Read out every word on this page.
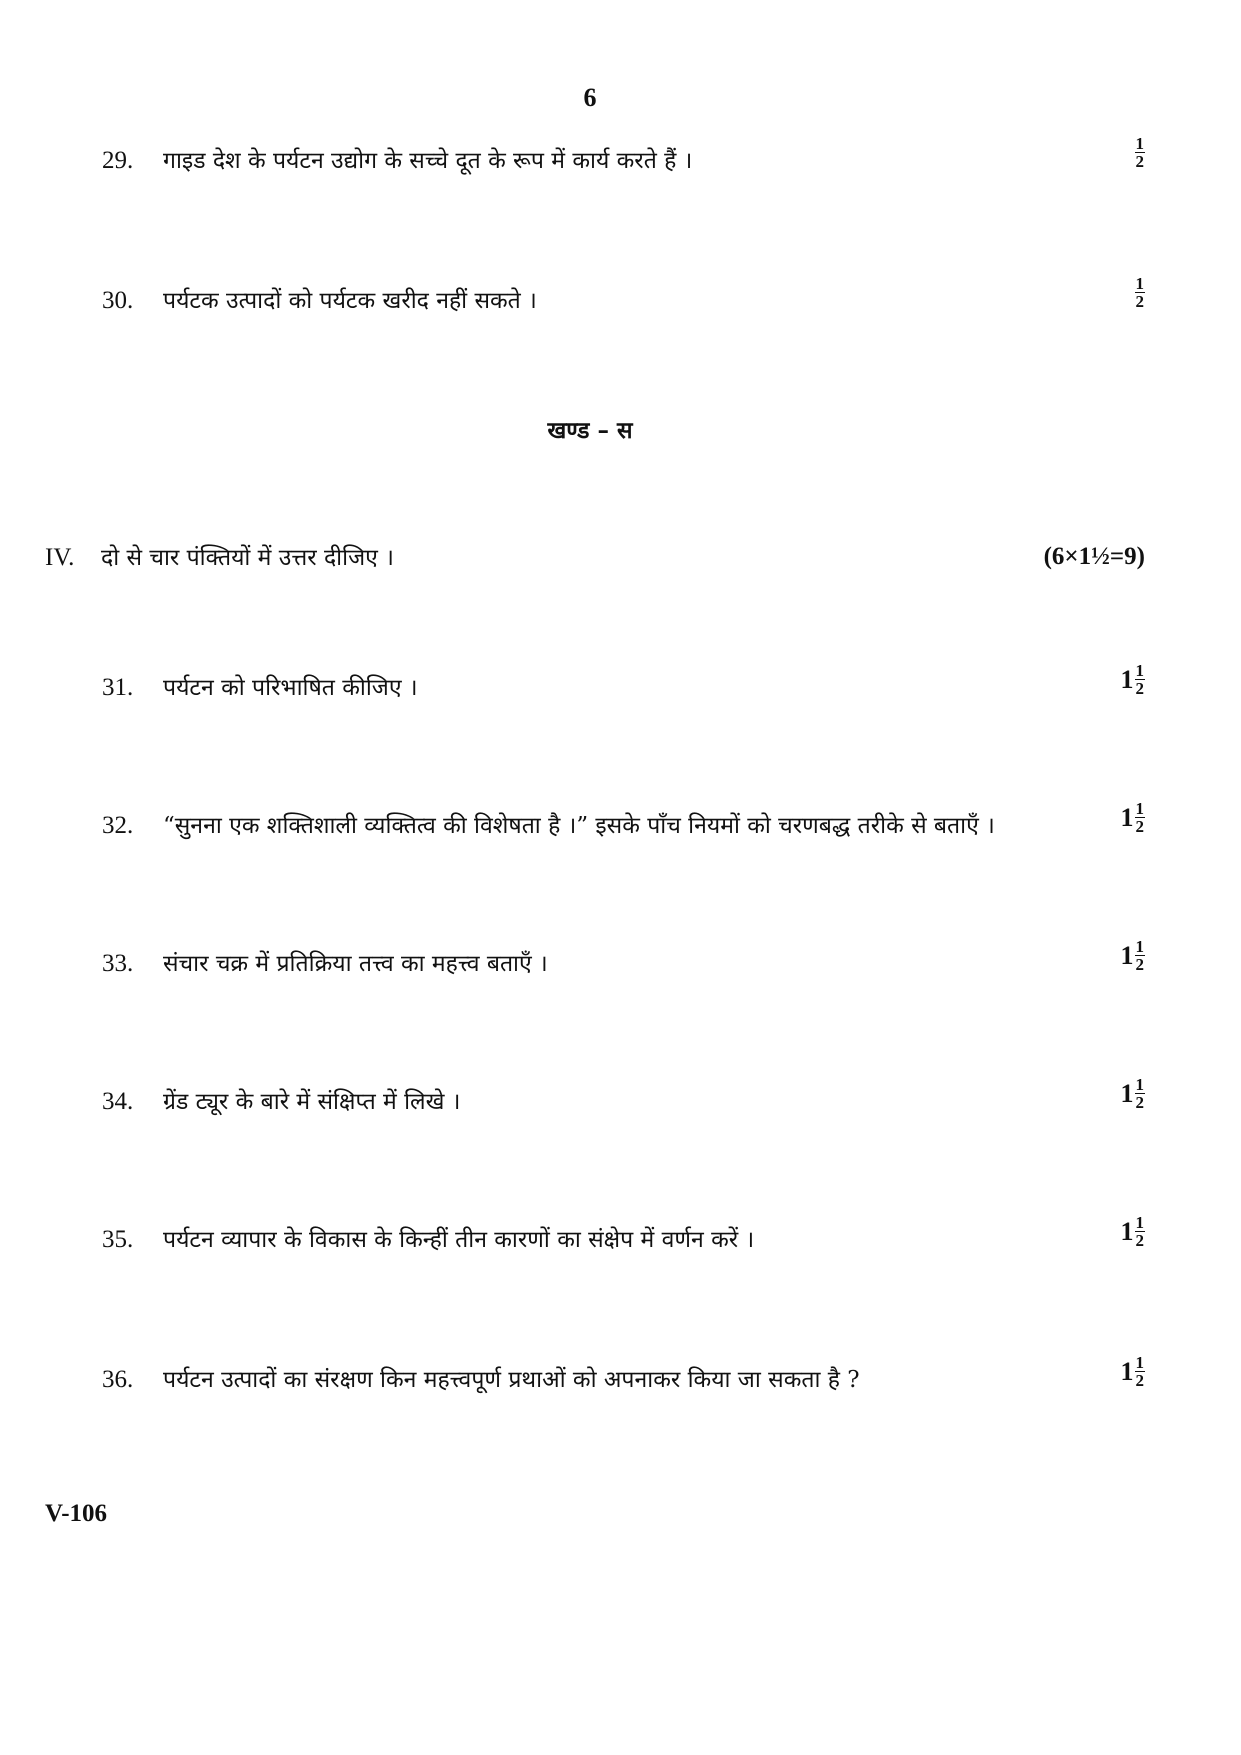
6
29. गाइड देश के पर्यटन उद्योग के सच्चे दूत के रूप में कार्य करते हैं ।	$\frac{1}{2}$
30. पर्यटक उत्पादों को पर्यटक खरीद नहीं सकते ।	$\frac{1}{2}$
खण्ड – स
IV. दो से चार पंक्तियों में उत्तर दीजिए ।	(6×1½=9)
31. पर्यटन को परिभाषित कीजिए ।	$1 \frac{1}{2}$
32. “सुनना एक शक्तिशाली व्यक्तित्व की विशेषता है ।” इसके पाँच नियमों को चरणबद्ध तरीके से बताएँ ।	$1 \frac{1}{2}$
33. संचार चक्र में प्रतिक्रिया तत्त्व का महत्त्व बताएँ ।	$1 \frac{1}{2}$
34. ग्रेंड ट्यूर के बारे में संक्षिप्त में लिखे ।	$1 \frac{1}{2}$
35. पर्यटन व्यापार के विकास के किन्हीं तीन कारणों का संक्षेप में वर्णन करें ।	$1 \frac{1}{2}$
36. पर्यटन उत्पादों का संरक्षण किन महत्त्वपूर्ण प्रथाओं को अपनाकर किया जा सकता है ?	$1 \frac{1}{2}$
V-106
